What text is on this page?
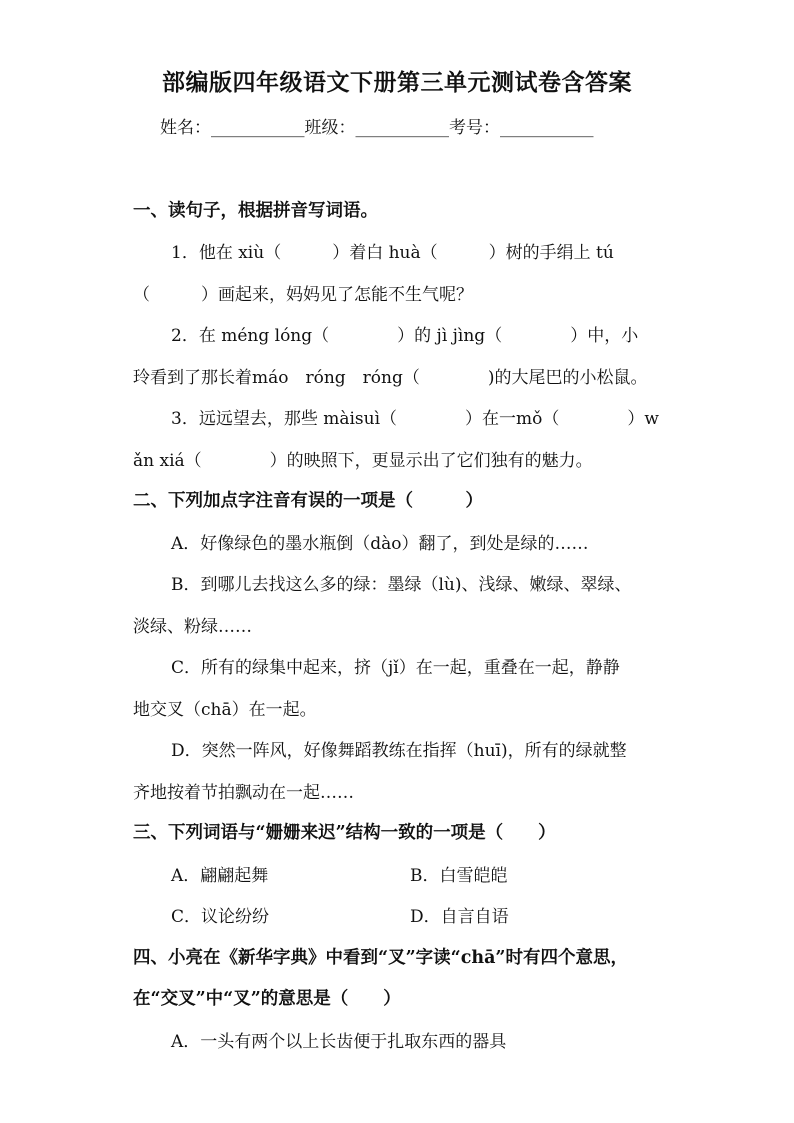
部编版四年级语文下册第三单元测试卷含答案
姓名：___________班级：___________考号：___________
一、读句子，根据拼音写词语。
1．他在 xiù（　　　）着白 huà（　　　）树的手绢上 tú
（　　　）画起来，妈妈见了怎能不生气呢？
2．在 méng lóng（　　　　）的 jì jìng（　　　　）中，小
玲看到了那长着máo　róng　róng（　　　　)的大尾巴的小松鼠。
3．远远望去，那些 màisuì（　　　　）在一mǒ（　　　　）w
ǎn xiá（　　　　）的映照下，更显示出了它们独有的魅力。
二、下列加点字注音有误的一项是（　　　）
A．好像绿色的墨水瓶倒（dào）翻了，到处是绿的……
B．到哪儿去找这么多的绿：墨绿（lù)、浅绿、嫩绿、翠绿、
淡绿、粉绿……
C．所有的绿集中起来，挤（jǐ）在一起，重叠在一起，静静
地交叉（chā）在一起。
D．突然一阵风，好像舞蹈教练在指挥（huī)，所有的绿就整
齐地按着节拍飘动在一起……
三、下列词语与“姗姗来迟”结构一致的一项是（　　）
A．翩翩起舞	B．白雪皑皑
C．议论纷纷	D．自言自语
四、小亮在《新华字典》中看到“叉”字读“chā”时有四个意思，
在“交叉”中“叉”的意思是（　　）
A．一头有两个以上长齿便于扎取东西的器具
